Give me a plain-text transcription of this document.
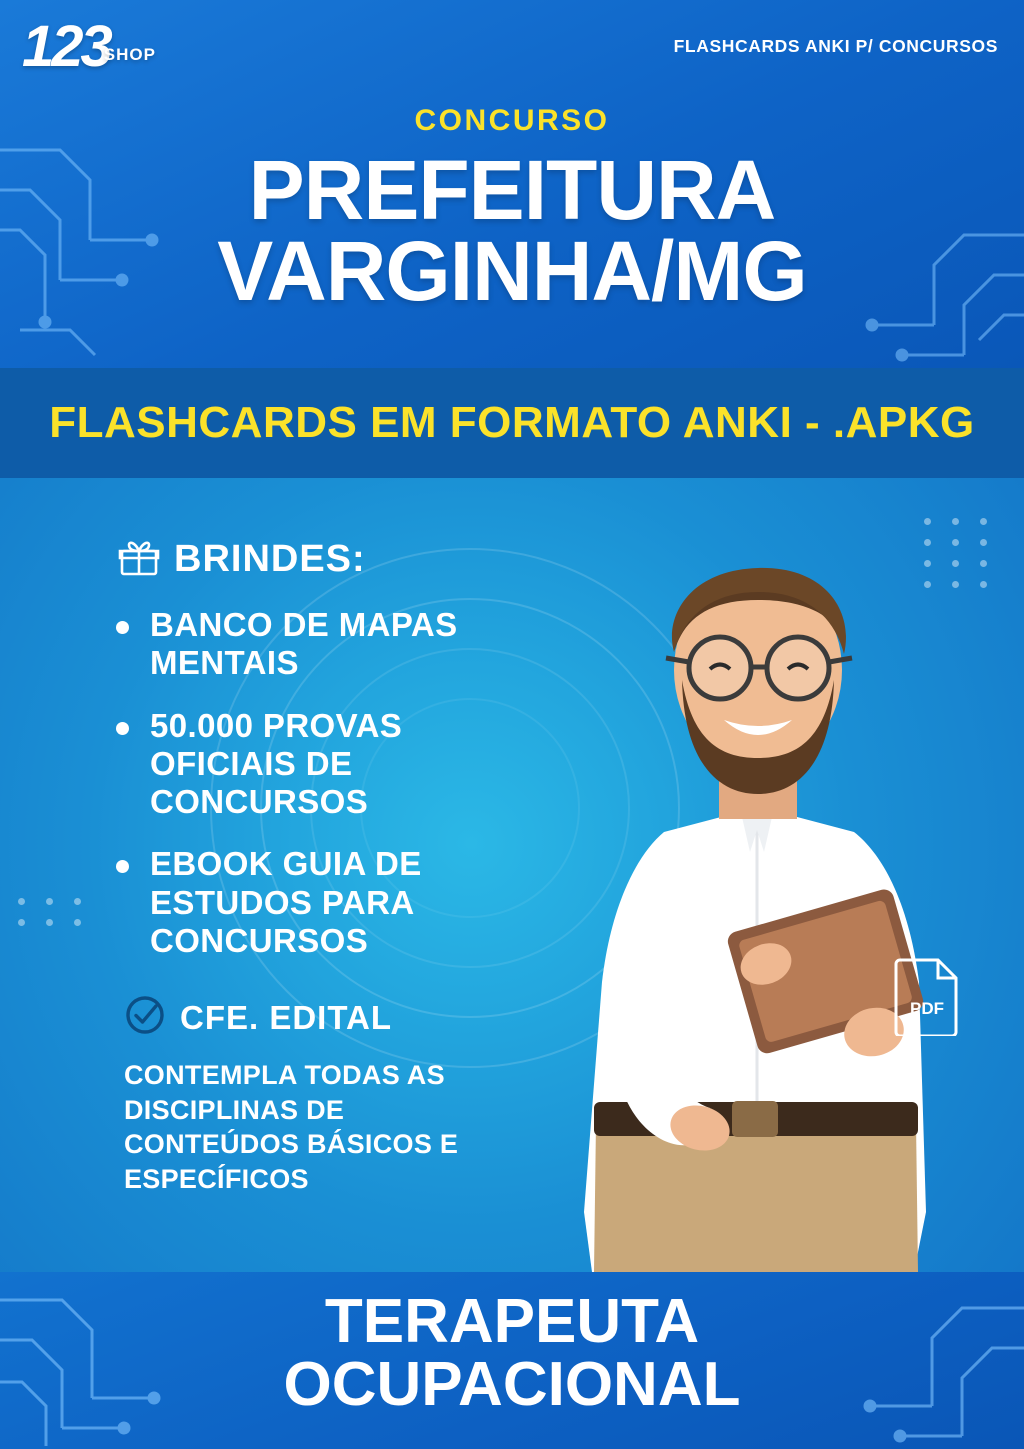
123SHOP	FLASHCARDS ANKI P/ CONCURSOS
CONCURSO
PREFEITURA
VARGINHA/MG
FLASHCARDS EM FORMATO ANKI - .APKG
BRINDES:
BANCO DE MAPAS MENTAIS
50.000 PROVAS OFICIAIS DE CONCURSOS
EBOOK GUIA DE ESTUDOS PARA CONCURSOS
CFE. EDITAL
CONTEMPLA TODAS AS DISCIPLINAS DE CONTEÚDOS BÁSICOS E ESPECÍFICOS
PDF
TERAPEUTA
OCUPACIONAL
